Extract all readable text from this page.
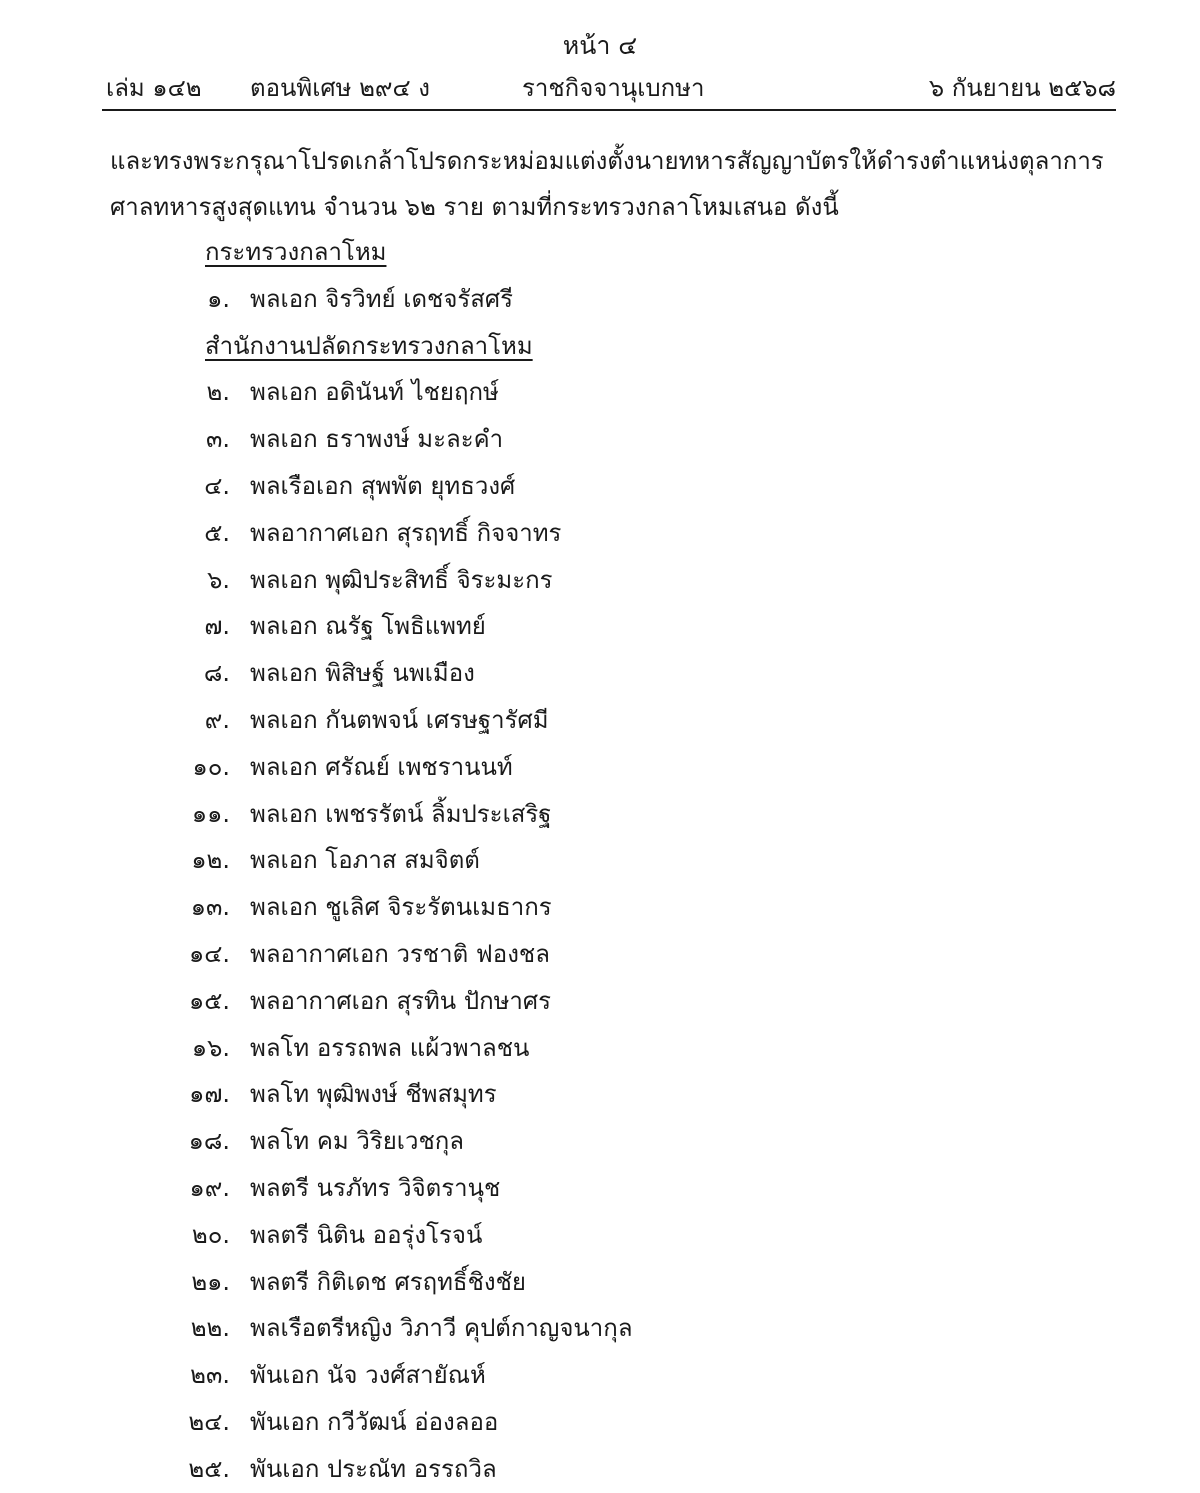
หน้า ๔
เล่ม ๑๔๒ ตอนพิเศษ ๒๙๔ ง	ราชกิจจานุเบกษา	๖ กันยายน ๒๕๖๘

และทรงพระกรุณาโปรดเกล้าโปรดกระหม่อมแต่งตั้งนายทหารสัญญาบัตรให้ดำรงตำแหน่งตุลาการ

ศาลทหารสูงสุดแทน จำนวน ๖๒ ราย ตามที่กระทรวงกลาโหมเสนอ ดังนี้

กระทรวงกลาโหม
๑. พลเอก จิรวิทย์ เดชจรัสศรี
สำนักงานปลัดกระทรวงกลาโหม
๒. พลเอก อดินันท์ ไชยฤกษ์
๓. พลเอก ธราพงษ์ มะละคำ
๔. พลเรือเอก สุพพัต ยุทธวงศ์
๕. พลอากาศเอก สุรฤทธิ์ กิจจาทร
๖. พลเอก พุฒิประสิทธิ์ จิระมะกร
๗. พลเอก ณรัฐ โพธิแพทย์
๘. พลเอก พิสิษฐ์ นพเมือง
๙. พลเอก กันตพจน์ เศรษฐารัศมี
๑๐. พลเอก ศรัณย์ เพชรานนท์
๑๑. พลเอก เพชรรัตน์ ลิ้มประเสริฐ
๑๒. พลเอก โอภาส สมจิตต์
๑๓. พลเอก ชูเลิศ จิระรัตนเมธากร
๑๔. พลอากาศเอก วรชาติ ฟองชล
๑๕. พลอากาศเอก สุรทิน ปักษาศร
๑๖. พลโท อรรถพล แผ้วพาลชน
๑๗. พลโท พุฒิพงษ์ ชีพสมุทร
๑๘. พลโท คม วิริยเวชกุล
๑๙. พลตรี นรภัทร วิจิตรานุช
๒๐. พลตรี นิติน ออรุ่งโรจน์
๒๑. พลตรี กิติเดช ศรฤทธิ์ชิงชัย
๒๒. พลเรือตรีหญิง วิภาวี คุปต์กาญจนากุล
๒๓. พันเอก นัจ วงศ์สายัณห์
๒๔. พันเอก กวีวัฒน์ อ่องลออ
๒๕. พันเอก ประณัท อรรถวิล
